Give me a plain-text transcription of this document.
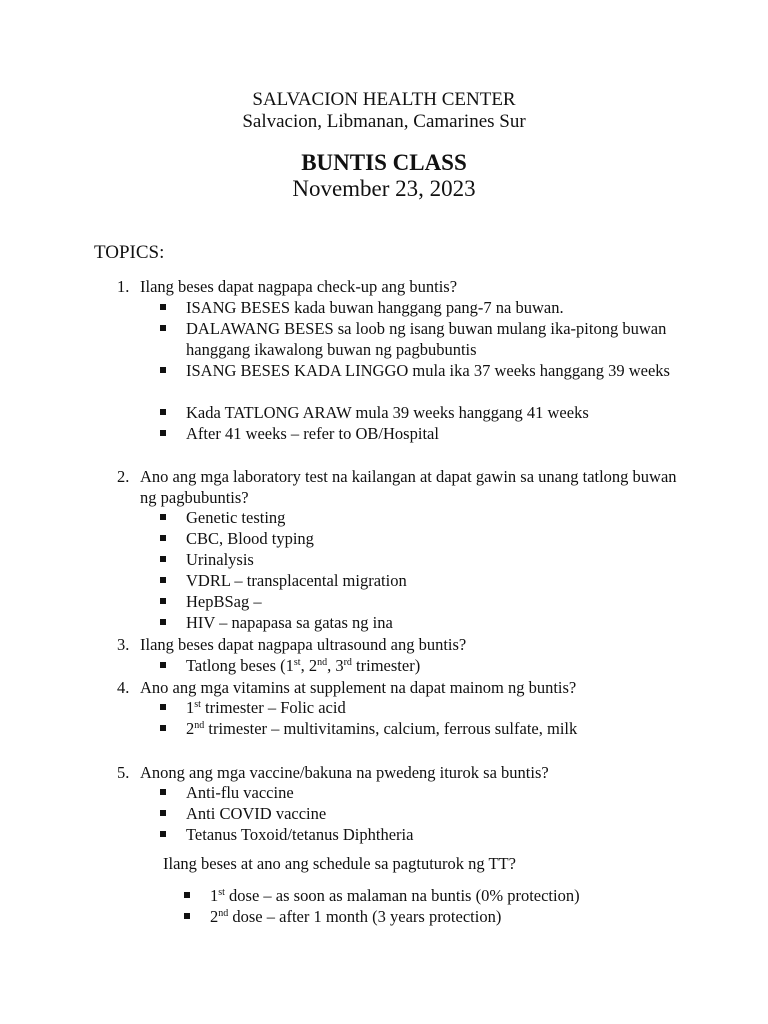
SALVACION HEALTH CENTER
Salvacion, Libmanan, Camarines Sur
BUNTIS CLASS
November 23, 2023
TOPICS:
1. Ilang beses dapat nagpapa check-up ang buntis?
ISANG BESES kada buwan hanggang pang-7 na buwan.
DALAWANG BESES sa loob ng isang buwan mulang ika-pitong buwan hanggang ikawalong buwan ng pagbubuntis
ISANG BESES KADA LINGGO mula ika 37 weeks hanggang 39 weeks
Kada TATLONG ARAW mula 39 weeks hanggang 41 weeks
After 41 weeks – refer to OB/Hospital
2. Ano ang mga laboratory test na kailangan at dapat gawin sa unang tatlong buwan ng pagbubuntis?
Genetic testing
CBC, Blood typing
Urinalysis
VDRL – transplacental migration
HepBSag –
HIV – napapasa sa gatas ng ina
3. Ilang beses dapat nagpapa ultrasound ang buntis?
Tatlong beses (1st, 2nd, 3rd trimester)
4. Ano ang mga vitamins at supplement na dapat mainom ng buntis?
1st trimester – Folic acid
2nd trimester – multivitamins, calcium, ferrous sulfate, milk
5. Anong ang mga vaccine/bakuna na pwedeng iturok sa buntis?
Anti-flu vaccine
Anti COVID vaccine
Tetanus Toxoid/tetanus Diphtheria
Ilang beses at ano ang schedule sa pagtuturok ng TT?
1st dose – as soon as malaman na buntis (0% protection)
2nd dose – after 1 month (3 years protection)
